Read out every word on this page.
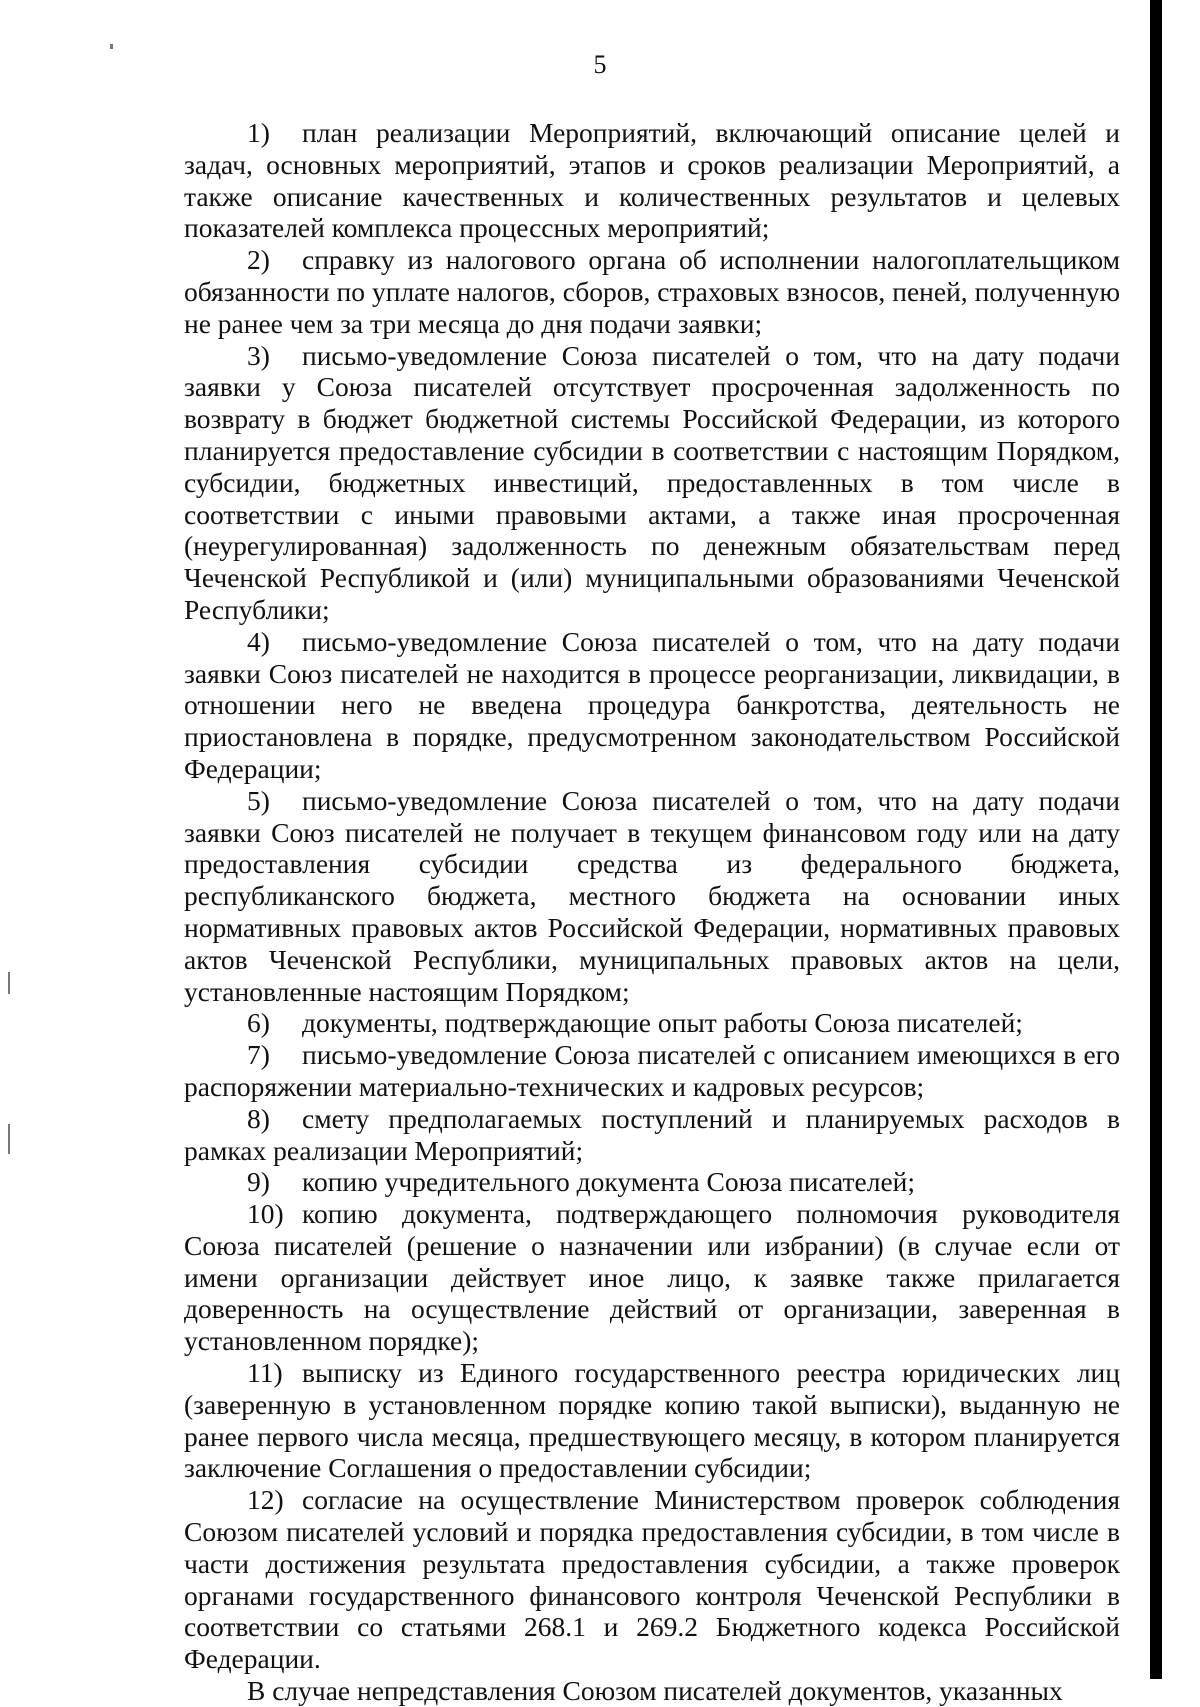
5

1) план реализации Мероприятий, включающий описание целей и задач, основных мероприятий, этапов и сроков реализации Мероприятий, а также описание качественных и количественных результатов и целевых показателей комплекса процессных мероприятий;

2) справку из налогового органа об исполнении налогоплательщиком обязанности по уплате налогов, сборов, страховых взносов, пеней, полученную не ранее чем за три месяца до дня подачи заявки;

3) письмо-уведомление Союза писателей о том, что на дату подачи заявки у Союза писателей отсутствует просроченная задолженность по возврату в бюджет бюджетной системы Российской Федерации, из которого планируется предоставление субсидии в соответствии с настоящим Порядком, субсидии, бюджетных инвестиций, предоставленных в том числе в соответствии с иными правовыми актами, а также иная просроченная (неурегулированная) задолженность по денежным обязательствам перед Чеченской Республикой и (или) муниципальными образованиями Чеченской Республики;

4) письмо-уведомление Союза писателей о том, что на дату подачи заявки Союз писателей не находится в процессе реорганизации, ликвидации, в отношении него не введена процедура банкротства, деятельность не приостановлена в порядке, предусмотренном законодательством Российской Федерации;

5) письмо-уведомление Союза писателей о том, что на дату подачи заявки Союз писателей не получает в текущем финансовом году или на дату предоставления субсидии средства из федерального бюджета, республиканского бюджета, местного бюджета на основании иных нормативных правовых актов Российской Федерации, нормативных правовых актов Чеченской Республики, муниципальных правовых актов на цели, установленные настоящим Порядком;

6) документы, подтверждающие опыт работы Союза писателей;

7) письмо-уведомление Союза писателей с описанием имеющихся в его распоряжении материально-технических и кадровых ресурсов;

8) смету предполагаемых поступлений и планируемых расходов в рамках реализации Мероприятий;

9) копию учредительного документа Союза писателей;

10) копию документа, подтверждающего полномочия руководителя Союза писателей (решение о назначении или избрании) (в случае если от имени организации действует иное лицо, к заявке также прилагается доверенность на осуществление действий от организации, заверенная в установленном порядке);

11) выписку из Единого государственного реестра юридических лиц (заверенную в установленном порядке копию такой выписки), выданную не ранее первого числа месяца, предшествующего месяцу, в котором планируется заключение Соглашения о предоставлении субсидии;

12) согласие на осуществление Министерством проверок соблюдения Союзом писателей условий и порядка предоставления субсидии, в том числе в части достижения результата предоставления субсидии, а также проверок органами государственного финансового контроля Чеченской Республики в соответствии со статьями 268.1 и 269.2 Бюджетного кодекса Российской Федерации.

В случае непредставления Союзом писателей документов, указанных
